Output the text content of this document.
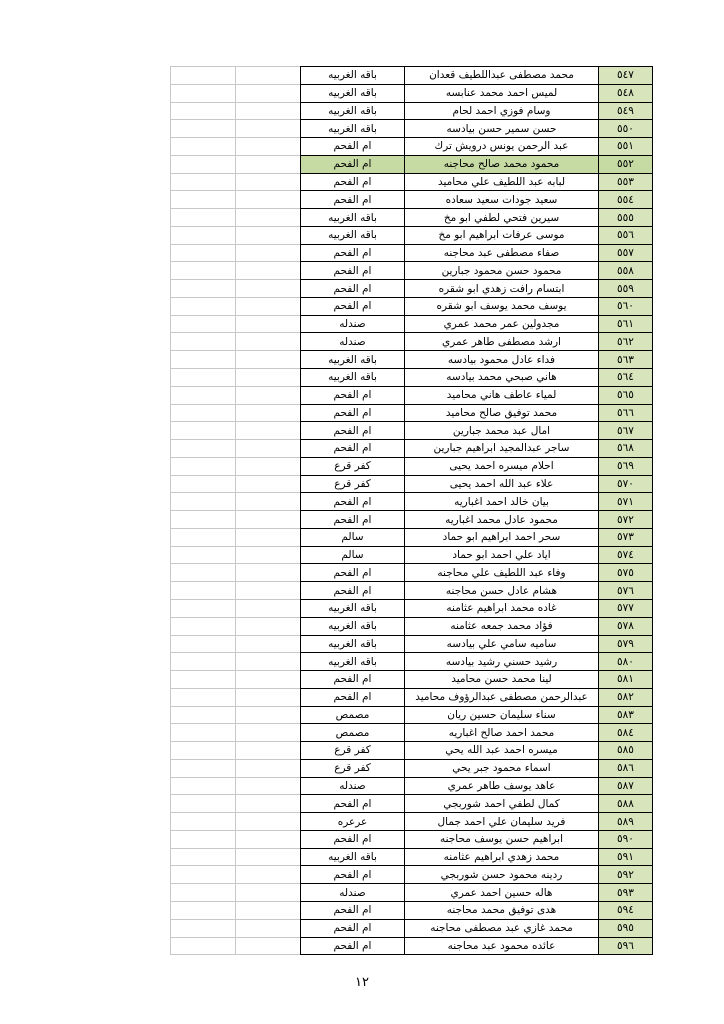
٥٤٧	محمد مصطفى عبداللطيف قعدان	باقه الغربيه		
٥٤٨	لميس احمد محمد عنابسه	باقه الغربيه		
٥٤٩	وسام فوزي احمد لحام	باقه الغربيه		
٥٥٠	حسن سمير حسن بيادسه	باقه الغربيه		
٥٥١	عبد الرحمن يونس درويش ترك	ام الفحم		
٥٥٢	محمود محمد صالح محاجنه	ام الفحم		
٥٥٣	لبابه عبد اللطيف علي محاميد	ام الفحم		
٥٥٤	سعيد جودات سعيد سعاده	ام الفحم		
٥٥٥	سيرين فتحي لطفي ابو مخ	باقه الغربيه		
٥٥٦	موسى عرفات ابراهيم ابو مخ	باقه الغربيه		
٥٥٧	صفاء مصطفى عبد محاجنه	ام الفحم		
٥٥٨	محمود حسن محمود جبارين	ام الفحم		
٥٥٩	ابتسام رافت زهدي ابو شقره	ام الفحم		
٥٦٠	يوسف محمد يوسف ابو شقره	ام الفحم		
٥٦١	مجدولين عمر محمد عمري	صندله		
٥٦٢	ارشد مصطفى طاهر عمري	صندله		
٥٦٣	فداء عادل محمود بيادسه	باقه الغربيه		
٥٦٤	هاني صبحي محمد بيادسه	باقه الغربيه		
٥٦٥	لمياء عاطف هاني محاميد	ام الفحم		
٥٦٦	محمد توفيق صالح محاميد	ام الفحم		
٥٦٧	امال عبد محمد جبارين	ام الفحم		
٥٦٨	ساجر عبدالمجيد ابراهيم جبارين	ام الفحم		
٥٦٩	احلام ميسره احمد يحيى	كفر قرع		
٥٧٠	علاء عبد الله احمد يحيى	كفر قرع		
٥٧١	بيان خالد احمد اغباريه	ام الفحم		
٥٧٢	محمود عادل محمد اغباريه	ام الفحم		
٥٧٣	سحر احمد ابراهيم ابو حماد	سالم		
٥٧٤	اياد علي احمد ابو حماد	سالم		
٥٧٥	وفاء عبد اللطيف علي محاجنه	ام الفحم		
٥٧٦	هشام عادل حسن محاجنه	ام الفحم		
٥٧٧	غاده محمد ابراهيم عثامنه	باقه الغربيه		
٥٧٨	فؤاد محمد جمعه عثامنه	باقه الغربيه		
٥٧٩	ساميه سامي علي بيادسه	باقه الغربيه		
٥٨٠	رشيد حسني رشيد بيادسه	باقه الغربيه		
٥٨١	لينا محمد حسن محاميد	ام الفحم		
٥٨٢	عبدالرحمن مصطفى عبدالرؤوف محاميد	ام الفحم		
٥٨٣	سناء سليمان حسين ريان	مصمص		
٥٨٤	محمد احمد صالح اغباريه	مصمص		
٥٨٥	ميسره احمد عبد الله يحي	كفر قرع		
٥٨٦	اسماء محمود جبر يحي	كفر قرع		
٥٨٧	عاهد يوسف طاهر عمري	صندله		
٥٨٨	كمال لطفي احمد شوربجي	ام الفحم		
٥٨٩	فريد سليمان علي احمد جمال	عرعره		
٥٩٠	ابراهيم حسن يوسف محاجنه	ام الفحم		
٥٩١	محمد زهدي ابراهيم عثامنه	باقه الغربيه		
٥٩٢	ردينه محمود حسن شوربجي	ام الفحم		
٥٩٣	هاله حسين احمد عمري	صندله		
٥٩٤	هدى توفيق محمد محاجنه	ام الفحم		
٥٩٥	محمد غازي عبد مصطفى محاجنه	ام الفحم		
٥٩٦	عائده محمود عبد محاجنه	ام الفحم		
١٢
